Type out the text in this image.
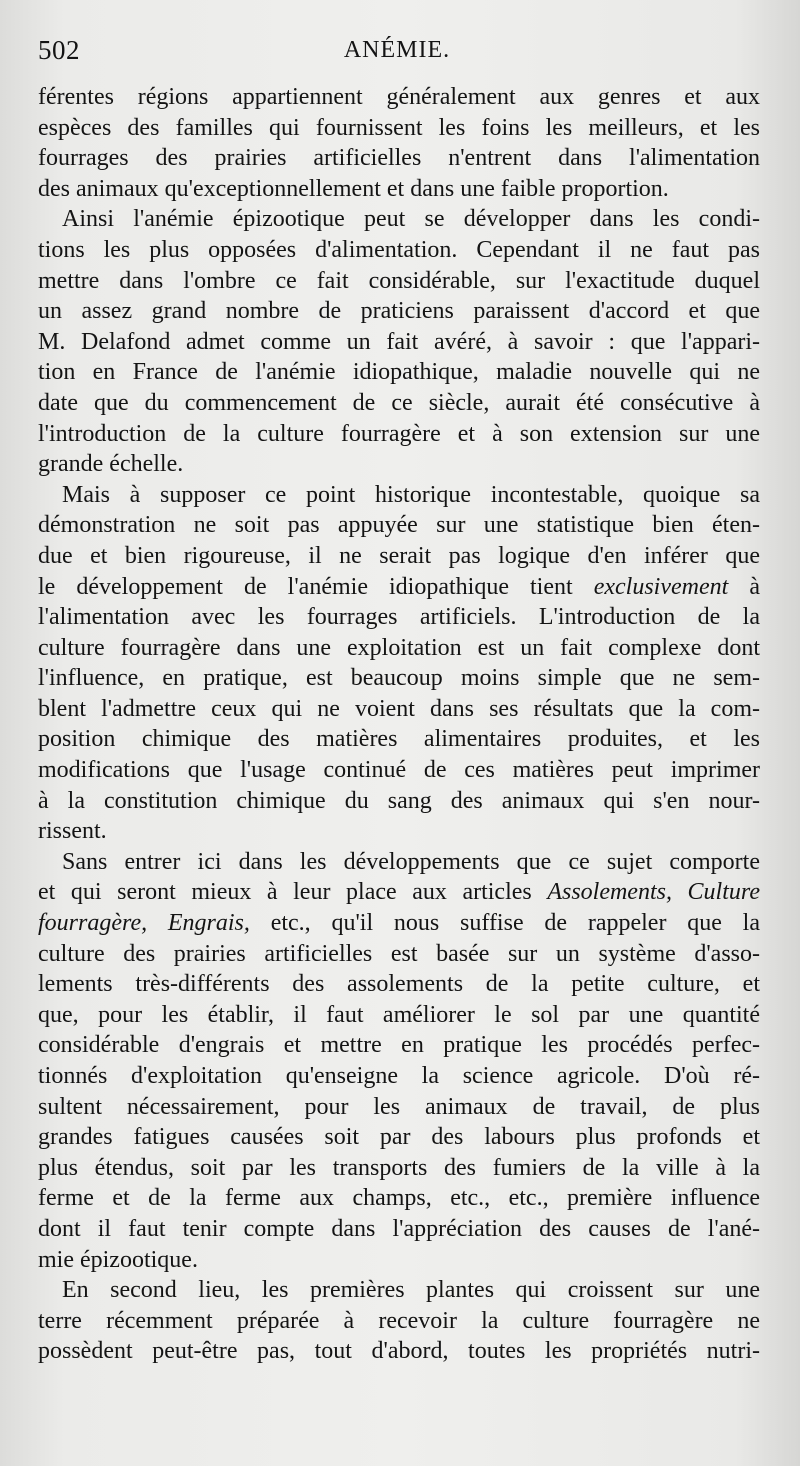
502	ANÉMIE.
férentes régions appartiennent généralement aux genres et aux
espèces des familles qui fournissent les foins les meilleurs, et les
fourrages des prairies artificielles n'entrent dans l'alimentation
des animaux qu'exceptionnellement et dans une faible proportion.
Ainsi l'anémie épizootique peut se développer dans les condi-
tions les plus opposées d'alimentation. Cependant il ne faut pas
mettre dans l'ombre ce fait considérable, sur l'exactitude duquel
un assez grand nombre de praticiens paraissent d'accord et que
M. Delafond admet comme un fait avéré, à savoir : que l'appari-
tion en France de l'anémie idiopathique, maladie nouvelle qui ne
date que du commencement de ce siècle, aurait été consécutive à
l'introduction de la culture fourragère et à son extension sur une
grande échelle.
Mais à supposer ce point historique incontestable, quoique sa
démonstration ne soit pas appuyée sur une statistique bien éten-
due et bien rigoureuse, il ne serait pas logique d'en inférer que
le développement de l'anémie idiopathique tient exclusivement à
l'alimentation avec les fourrages artificiels. L'introduction de la
culture fourragère dans une exploitation est un fait complexe dont
l'influence, en pratique, est beaucoup moins simple que ne sem-
blent l'admettre ceux qui ne voient dans ses résultats que la com-
position chimique des matières alimentaires produites, et les
modifications que l'usage continué de ces matières peut imprimer
à la constitution chimique du sang des animaux qui s'en nour-
rissent.
Sans entrer ici dans les développements que ce sujet comporte
et qui seront mieux à leur place aux articles Assolements, Culture
fourragère, Engrais, etc., qu'il nous suffise de rappeler que la
culture des prairies artificielles est basée sur un système d'asso-
lements très-différents des assolements de la petite culture, et
que, pour les établir, il faut améliorer le sol par une quantité
considérable d'engrais et mettre en pratique les procédés perfec-
tionnés d'exploitation qu'enseigne la science agricole. D'où ré-
sultent nécessairement, pour les animaux de travail, de plus
grandes fatigues causées soit par des labours plus profonds et
plus étendus, soit par les transports des fumiers de la ville à la
ferme et de la ferme aux champs, etc., etc., première influence
dont il faut tenir compte dans l'appréciation des causes de l'ané-
mie épizootique.
En second lieu, les premières plantes qui croissent sur une
terre récemment préparée à recevoir la culture fourragère ne
possèdent peut-être pas, tout d'abord, toutes les propriétés nutri-
